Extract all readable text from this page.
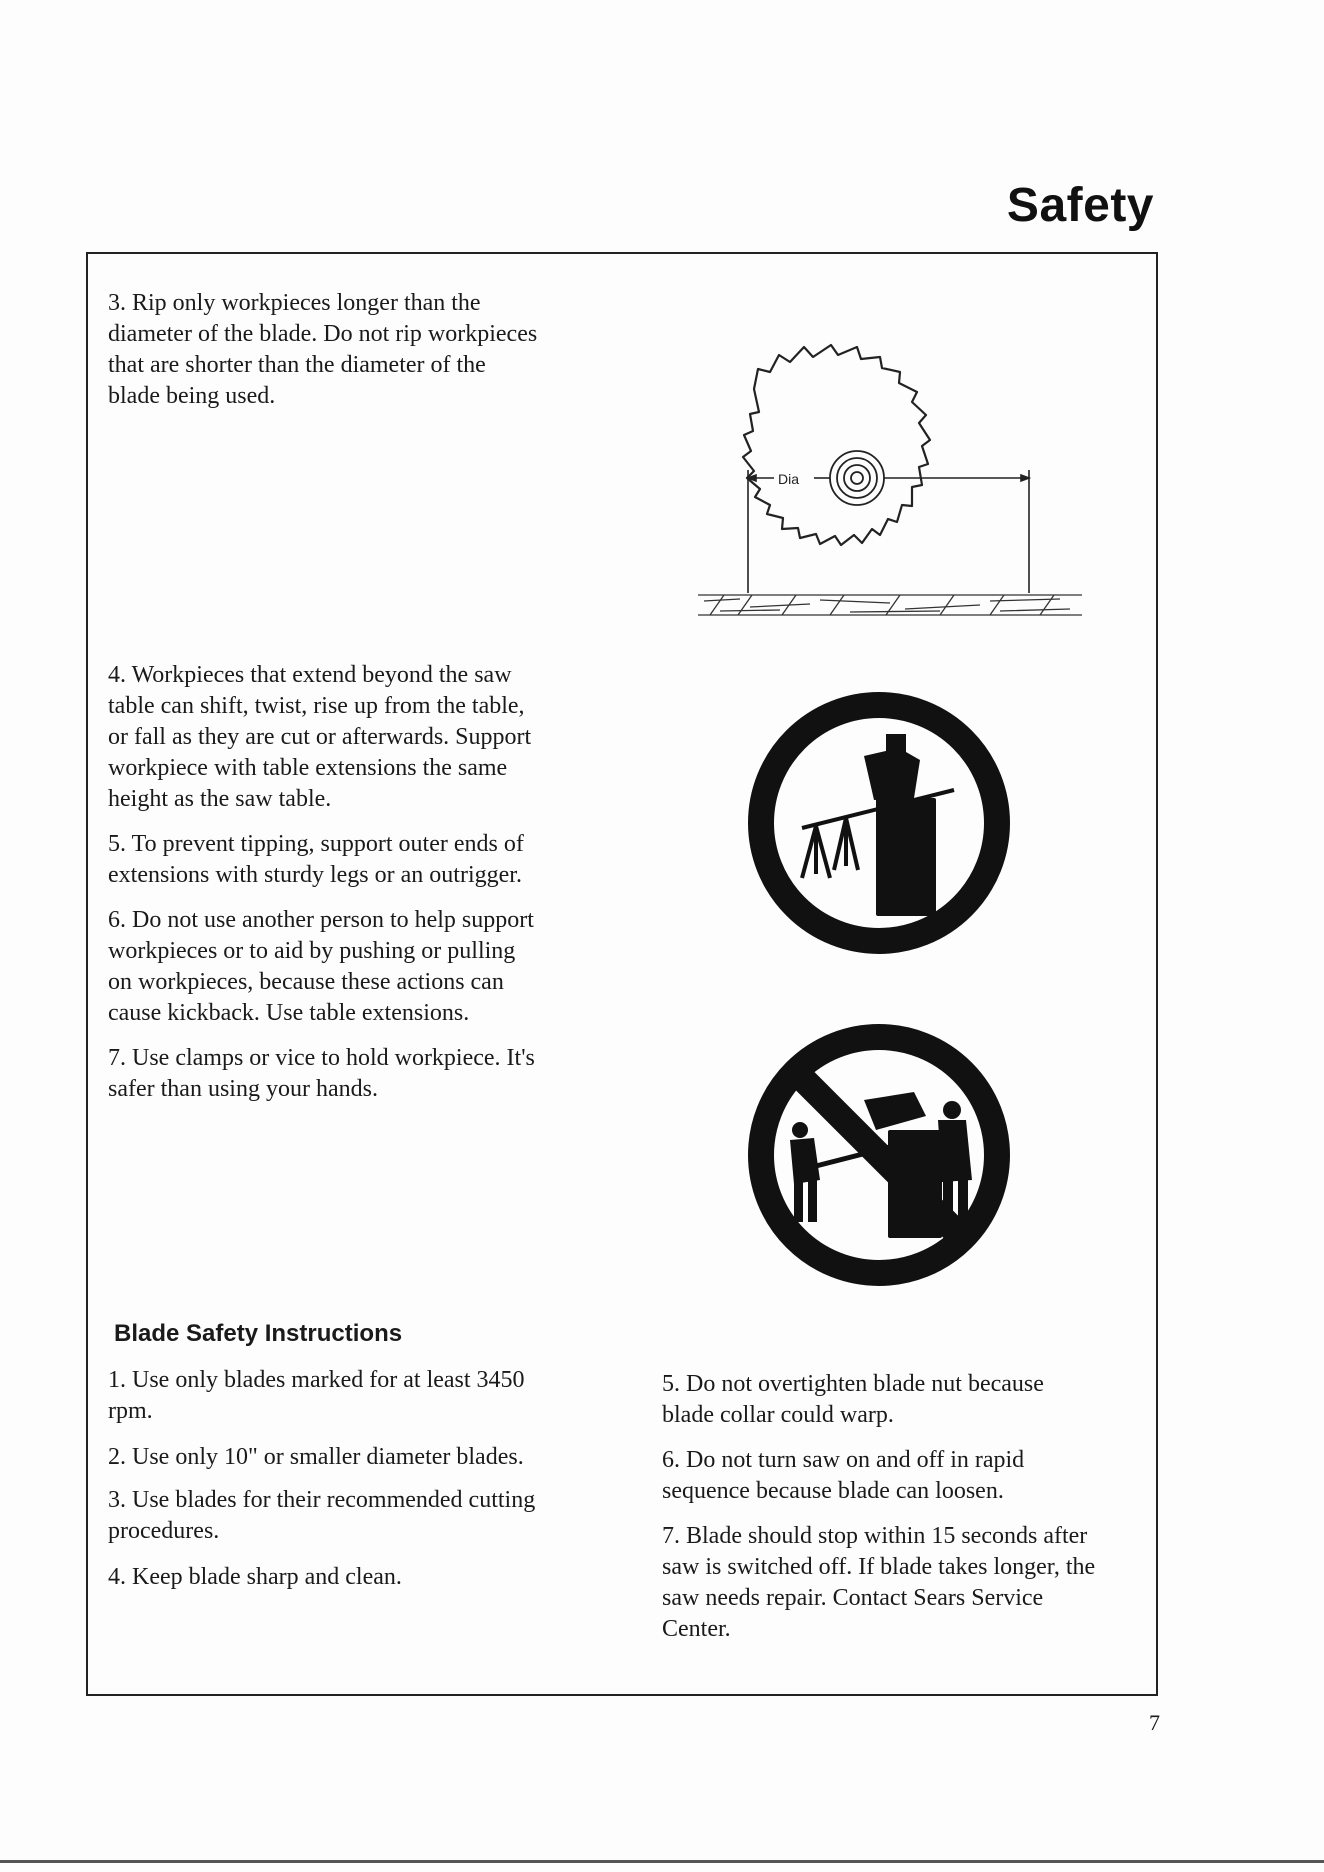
Safety

3. Rip only workpieces longer than the
diameter of the blade. Do not rip workpieces
that are shorter than the diameter of the
blade being used.

4. Workpieces that extend beyond the saw
table can shift, twist, rise up from the table,
or fall as they are cut or afterwards. Support
workpiece with table extensions the same
height as the saw table.

5. To prevent tipping, support outer ends of
extensions with sturdy legs or an outrigger.

6. Do not use another person to help support
workpieces or to aid by pushing or pulling
on workpieces, because these actions can
cause kickback. Use table extensions.

7. Use clamps or vice to hold workpiece. It's
safer than using your hands.

Dia
Blade Safety Instructions

1. Use only blades marked for at least 3450
rpm.

2. Use only 10" or smaller diameter blades.

3. Use blades for their recommended cutting
procedures.

4. Keep blade sharp and clean.

5. Do not overtighten blade nut because
blade collar could warp.

6. Do not turn saw on and off in rapid
sequence because blade can loosen.

7. Blade should stop within 15 seconds after
saw is switched off. If blade takes longer, the
saw needs repair. Contact Sears Service
Center.

7
